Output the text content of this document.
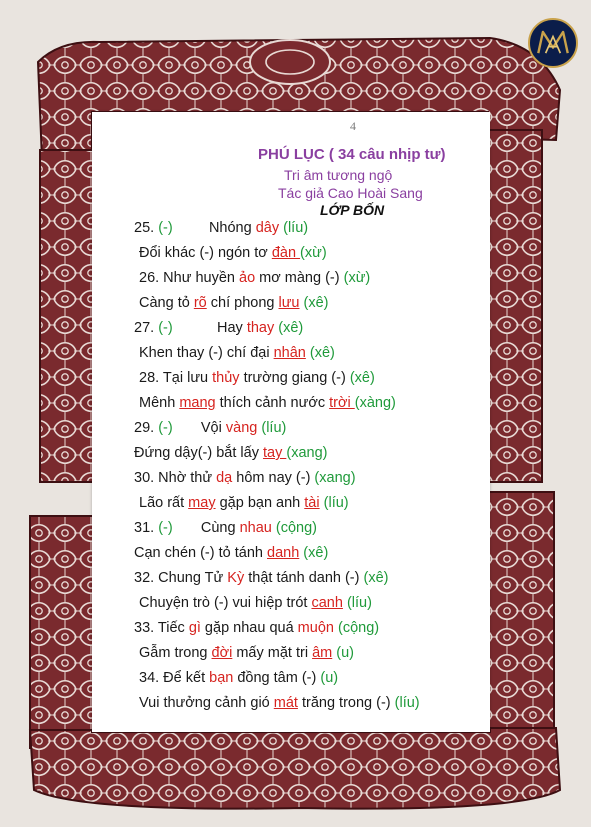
4
PHÚ LỤC ( 34 câu nhịp tư)
Tri âm tương ngộ
Tác giả Cao Hoài Sang
LỚP BỐN
25. (-)         Nhóng dây (líu)
Đổi khác (-) ngón tơ đàn (xừ)
26. Như huyền ảo mơ màng (-) (xừ)
Càng tỏ rõ chí phong lưu (xê)
27. (-)           Hay thay (xê)
Khen thay (-) chí đại nhân (xê)
28. Tại lưu thủy trường giang (-) (xê)
Mênh mang thích cảnh nước trời (xàng)
29. (-)       Vội vàng (líu)
Đứng dậy(-) bắt lấy tay (xang)
30. Nhờ thử dạ hôm nay (-) (xang)
Lão rất may gặp bạn anh tài (líu)
31. (-)       Cùng nhau (cộng)
Cạn chén (-) tỏ tánh danh (xê)
32. Chung Tử Kỳ thật tánh danh (-) (xê)
Chuyện trò (-) vui hiệp trót canh (líu)
33. Tiếc gì gặp nhau quá muộn (cộng)
Gẫm trong đời mấy mặt tri âm (u)
34. Để kết bạn đồng tâm (-) (u)
Vui thưởng cảnh gió mát trăng trong (-) (líu)
